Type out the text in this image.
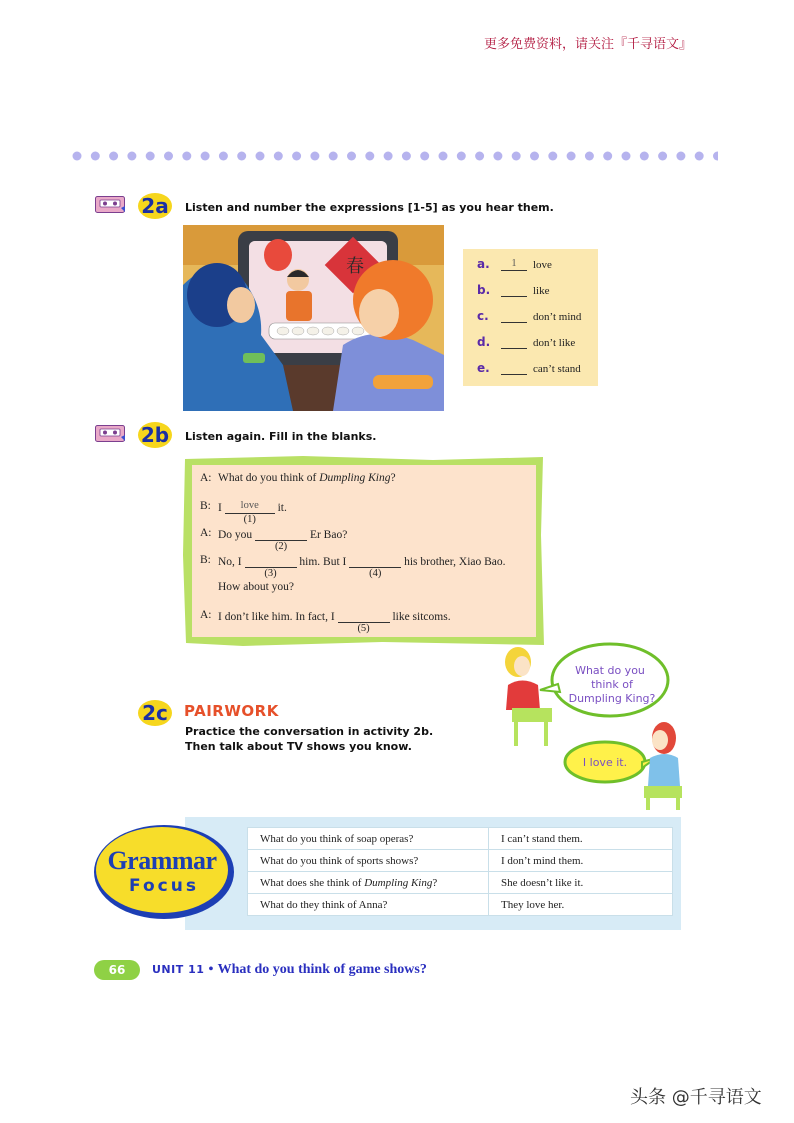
更多免费资料，请关注『千寻语文』
2a Listen and number the expressions [1-5] as you hear them.
春	a. 1 love
b.	like
c.	don’t mind
d.	don’t like
e.	can’t stand
2b Listen again. Fill in the blanks.
A: What do you think of Dumpling King?
B: I love
(1)
it.
A: Do you
(2)
Er Bao?
B: No, I
(3)
him. But I
(4)
his brother, Xiao Bao.
How about you?
A: I don’t like him. In fact, I
(5)
like sitcoms.
2c PAIRWORK
Practice the conversation in activity 2b.
Then talk about TV shows you know.
What do you
think of
Dumpling King?
I love it.
Grammar
Focus
What do you think of soap operas?	I can’t stand them.
What do you think of sports shows?	I don’t mind them.
What does she think of Dumpling King?	She doesn’t like it.
What do they think of Anna?	They love her.
66	UNIT 11 • What do you think of game shows?
头条 @千寻语文
